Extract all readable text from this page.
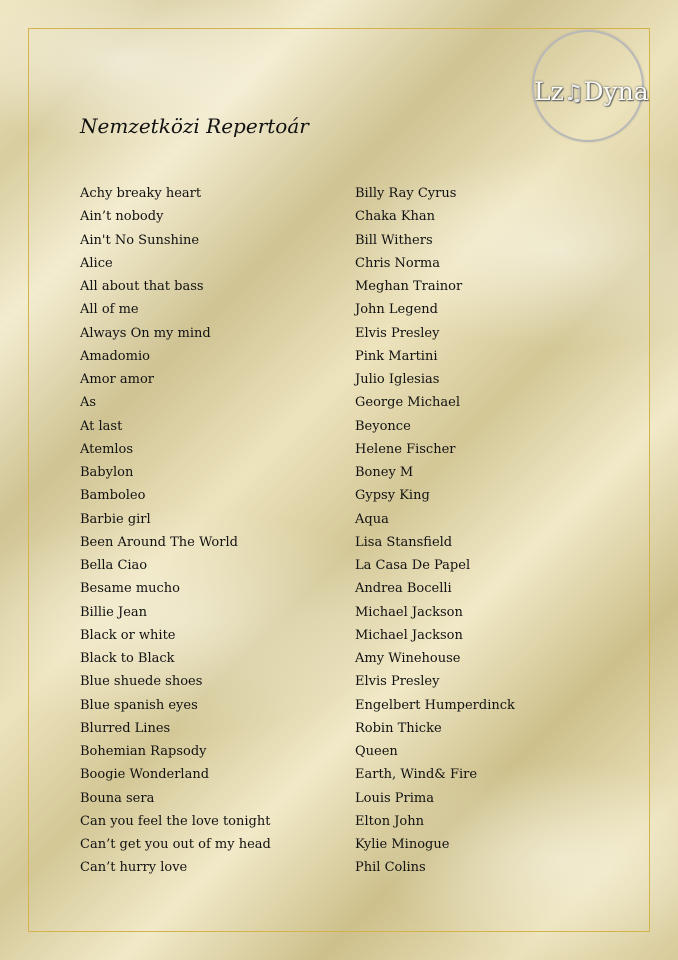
Lz♫Dyna
Nemzetközi Repertoár
Achy breaky heart	Billy Ray Cyrus
Ain’t nobody	Chaka Khan
Ain't No Sunshine	Bill Withers
Alice	Chris Norma
All about that bass	Meghan Trainor
All of me	John Legend
Always On my mind	Elvis Presley
Amadomio	Pink Martini
Amor amor	Julio Iglesias
As	George Michael
At last	Beyonce
Atemlos	Helene Fischer
Babylon	Boney M
Bamboleo	Gypsy King
Barbie girl	Aqua
Been Around The World	Lisa Stansfield
Bella Ciao	La Casa De Papel
Besame mucho	Andrea Bocelli
Billie Jean	Michael Jackson
Black or white	Michael Jackson
Black to Black	Amy Winehouse
Blue shuede shoes	Elvis Presley
Blue spanish eyes	Engelbert Humperdinck
Blurred Lines	Robin Thicke
Bohemian Rapsody	Queen
Boogie Wonderland	Earth, Wind& Fire
Bouna sera	Louis Prima
Can you feel the love tonight	Elton John
Can’t get you out of my head	Kylie Minogue
Can’t hurry love	Phil Colins
